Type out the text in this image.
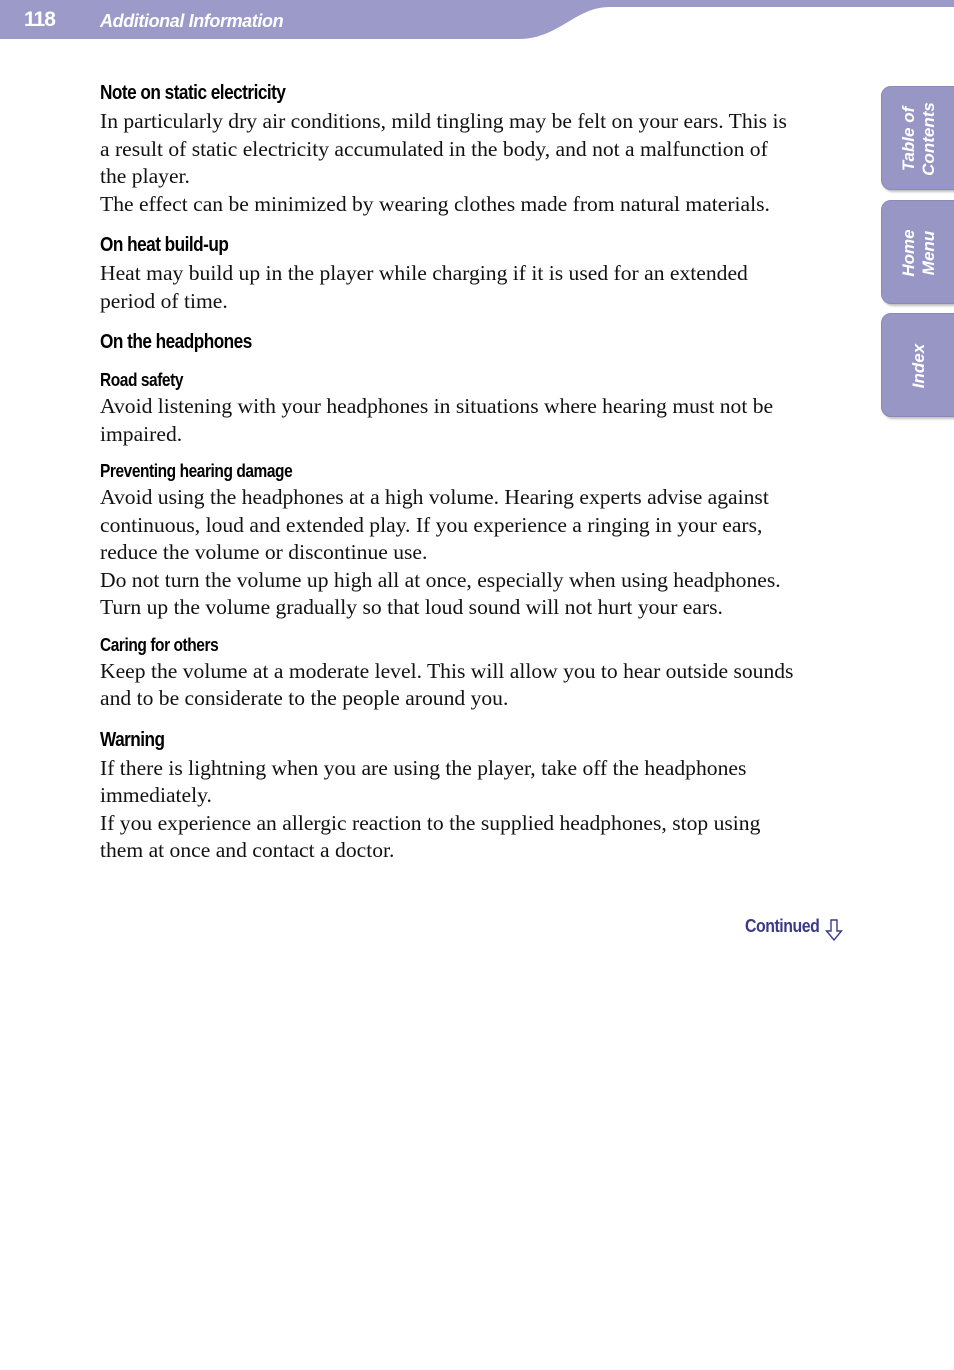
118	Additional Information
Table of Contents
Home Menu
Index
Note on static electricity
In particularly dry air conditions, mild tingling may be felt on your ears. This is
a result of static electricity accumulated in the body, and not a malfunction of
the player.
The effect can be minimized by wearing clothes made from natural materials.
On heat build-up
Heat may build up in the player while charging if it is used for an extended
period of time.
On the headphones
Road safety
Avoid listening with your headphones in situations where hearing must not be
impaired.
Preventing hearing damage
Avoid using the headphones at a high volume. Hearing experts advise against
continuous, loud and extended play. If you experience a ringing in your ears,
reduce the volume or discontinue use.
Do not turn the volume up high all at once, especially when using headphones.
Turn up the volume gradually so that loud sound will not hurt your ears.
Caring for others
Keep the volume at a moderate level. This will allow you to hear outside sounds
and to be considerate to the people around you.
Warning
If there is lightning when you are using the player, take off the headphones
immediately.
If you experience an allergic reaction to the supplied headphones, stop using
them at once and contact a doctor.
Continued
